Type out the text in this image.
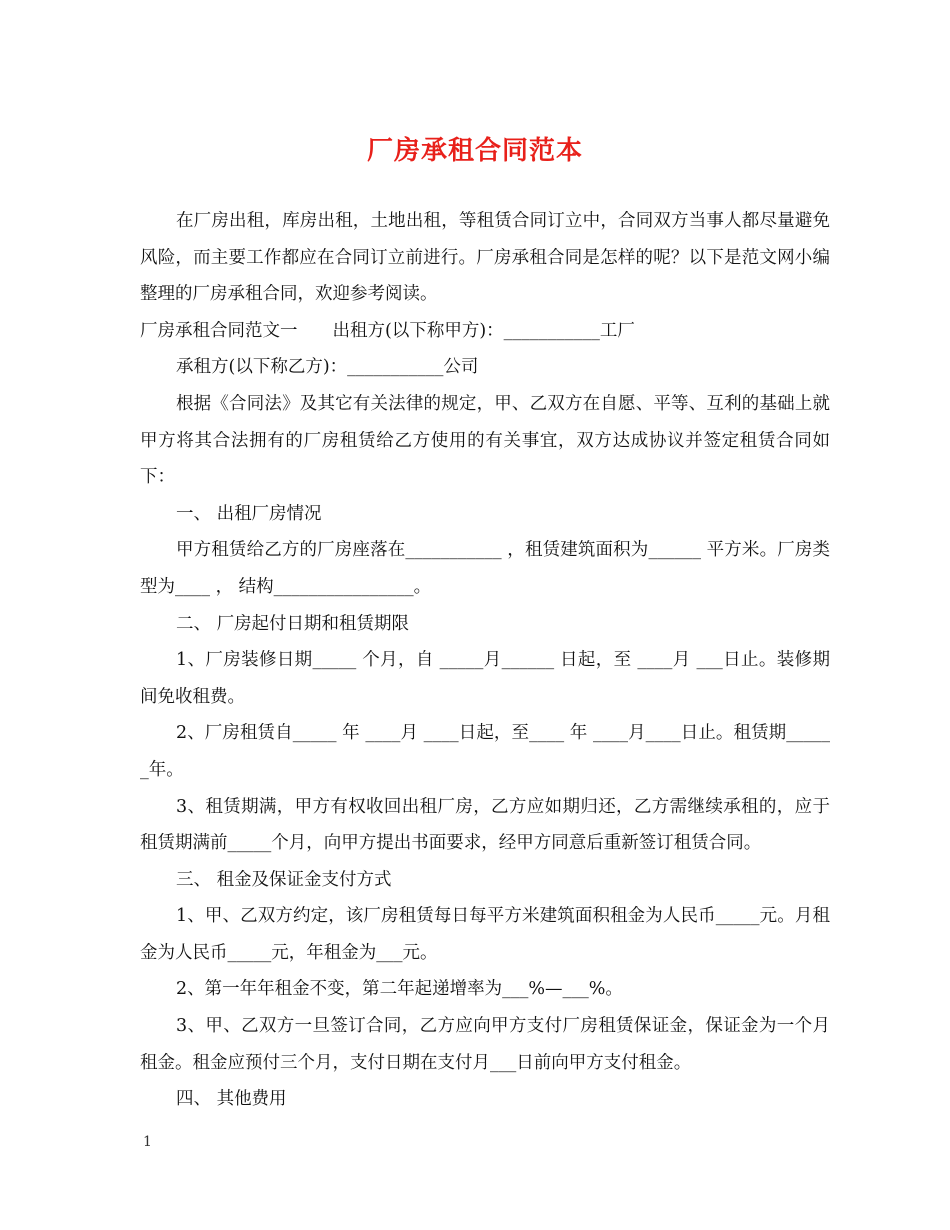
厂房承租合同范本

在厂房出租，库房出租，土地出租，等租赁合同订立中，合同双方当事人都尽量避免风险，而主要工作都应在合同订立前进行。厂房承租合同是怎样的呢？以下是范文网小编整理的厂房承租合同，欢迎参考阅读。

厂房承租合同范文一　　出租方(以下称甲方)：___________工厂

承租方(以下称乙方)：___________公司

根据《合同法》及其它有关法律的规定，甲、乙双方在自愿、平等、互利的基础上就甲方将其合法拥有的厂房租赁给乙方使用的有关事宜，双方达成协议并签定租赁合同如下：

一、 出租厂房情况

甲方租赁给乙方的厂房座落在___________ ，租赁建筑面积为______ 平方米。厂房类型为____ ， 结构________________。

二、 厂房起付日期和租赁期限

1、厂房装修日期_____ 个月，自 _____月______ 日起，至 ____月 ___日止。装修期间免收租费。

2、厂房租赁自_____ 年 ____月 ____日起，至____ 年 ____月____日止。租赁期______年。

3、租赁期满，甲方有权收回出租厂房，乙方应如期归还，乙方需继续承租的，应于租赁期满前_____个月，向甲方提出书面要求，经甲方同意后重新签订租赁合同。

三、 租金及保证金支付方式

1、甲、乙双方约定，该厂房租赁每日每平方米建筑面积租金为人民币_____元。月租金为人民币_____元，年租金为___元。

2、第一年年租金不变，第二年起递增率为___%—___%。

3、甲、乙双方一旦签订合同，乙方应向甲方支付厂房租赁保证金，保证金为一个月租金。租金应预付三个月，支付日期在支付月___日前向甲方支付租金。

四、 其他费用

1
